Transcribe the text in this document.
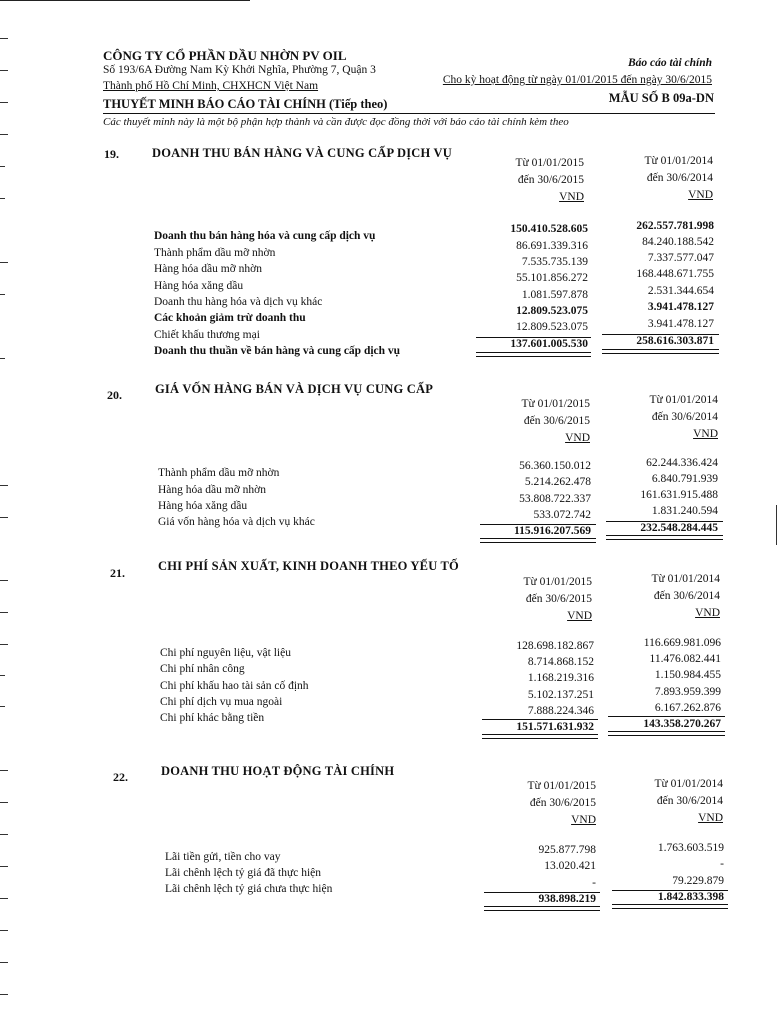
CÔNG TY CỔ PHẦN DẦU NHỜN PV OIL
Số 193/6A Đường Nam Kỳ Khởi Nghĩa, Phường 7, Quận 3
Thành phố Hồ Chí Minh, CHXHCN Việt Nam
Báo cáo tài chính
Cho kỳ hoạt động từ ngày 01/01/2015 đến ngày 30/6/2015
THUYẾT MINH BÁO CÁO TÀI CHÍNH (Tiếp theo)	MẪU SỐ B 09a-DN
Các thuyết minh này là một bộ phận hợp thành và cần được đọc đồng thời với báo cáo tài chính kèm theo
19.	DOANH THU BÁN HÀNG VÀ CUNG CẤP DỊCH VỤ
Từ 01/01/2015
đến 30/6/2015
VND
Từ 01/01/2014
đến 30/6/2014
VND
Doanh thu bán hàng hóa và cung cấp dịch vụ
150.410.528.605	262.557.781.998
Thành phẩm dầu mỡ nhờn
86.691.339.316	84.240.188.542
Hàng hóa dầu mỡ nhờn
7.535.735.139	7.337.577.047
Hàng hóa xăng dầu
55.101.856.272	168.448.671.755
Doanh thu hàng hóa và dịch vụ khác
1.081.597.878	2.531.344.654
Các khoản giảm trừ doanh thu
12.809.523.075	3.941.478.127
Chiết khấu thương mại
12.809.523.075	3.941.478.127
Doanh thu thuần về bán hàng và cung cấp dịch vụ
137.601.005.530	258.616.303.871
20.	GIÁ VỐN HÀNG BÁN VÀ DỊCH VỤ CUNG CẤP
Từ 01/01/2015
đến 30/6/2015
VND
Từ 01/01/2014
đến 30/6/2014
VND
Thành phẩm dầu mỡ nhờn
56.360.150.012	62.244.336.424
Hàng hóa dầu mỡ nhờn
5.214.262.478	6.840.791.939
Hàng hóa xăng dầu
53.808.722.337	161.631.915.488
Giá vốn hàng hóa và dịch vụ khác
533.072.742	1.831.240.594
115.916.207.569	232.548.284.445
21.	CHI PHÍ SẢN XUẤT, KINH DOANH THEO YẾU TỐ
Từ 01/01/2015
đến 30/6/2015
VND
Từ 01/01/2014
đến 30/6/2014
VND
Chi phí nguyên liệu, vật liệu
128.698.182.867	116.669.981.096
Chi phí nhân công
8.714.868.152	11.476.082.441
Chi phí khấu hao tài sản cố định
1.168.219.316	1.150.984.455
Chi phí dịch vụ mua ngoài
5.102.137.251	7.893.959.399
Chi phí khác bằng tiền
7.888.224.346	6.167.262.876
151.571.631.932	143.358.270.267
22.	DOANH THU HOẠT ĐỘNG TÀI CHÍNH
Từ 01/01/2015
đến 30/6/2015
VND
Từ 01/01/2014
đến 30/6/2014
VND
Lãi tiền gửi, tiền cho vay
925.877.798	1.763.603.519
Lãi chênh lệch tỷ giá đã thực hiện
13.020.421	-
Lãi chênh lệch tỷ giá chưa thực hiện	-	79.229.879
938.898.219	1.842.833.398
